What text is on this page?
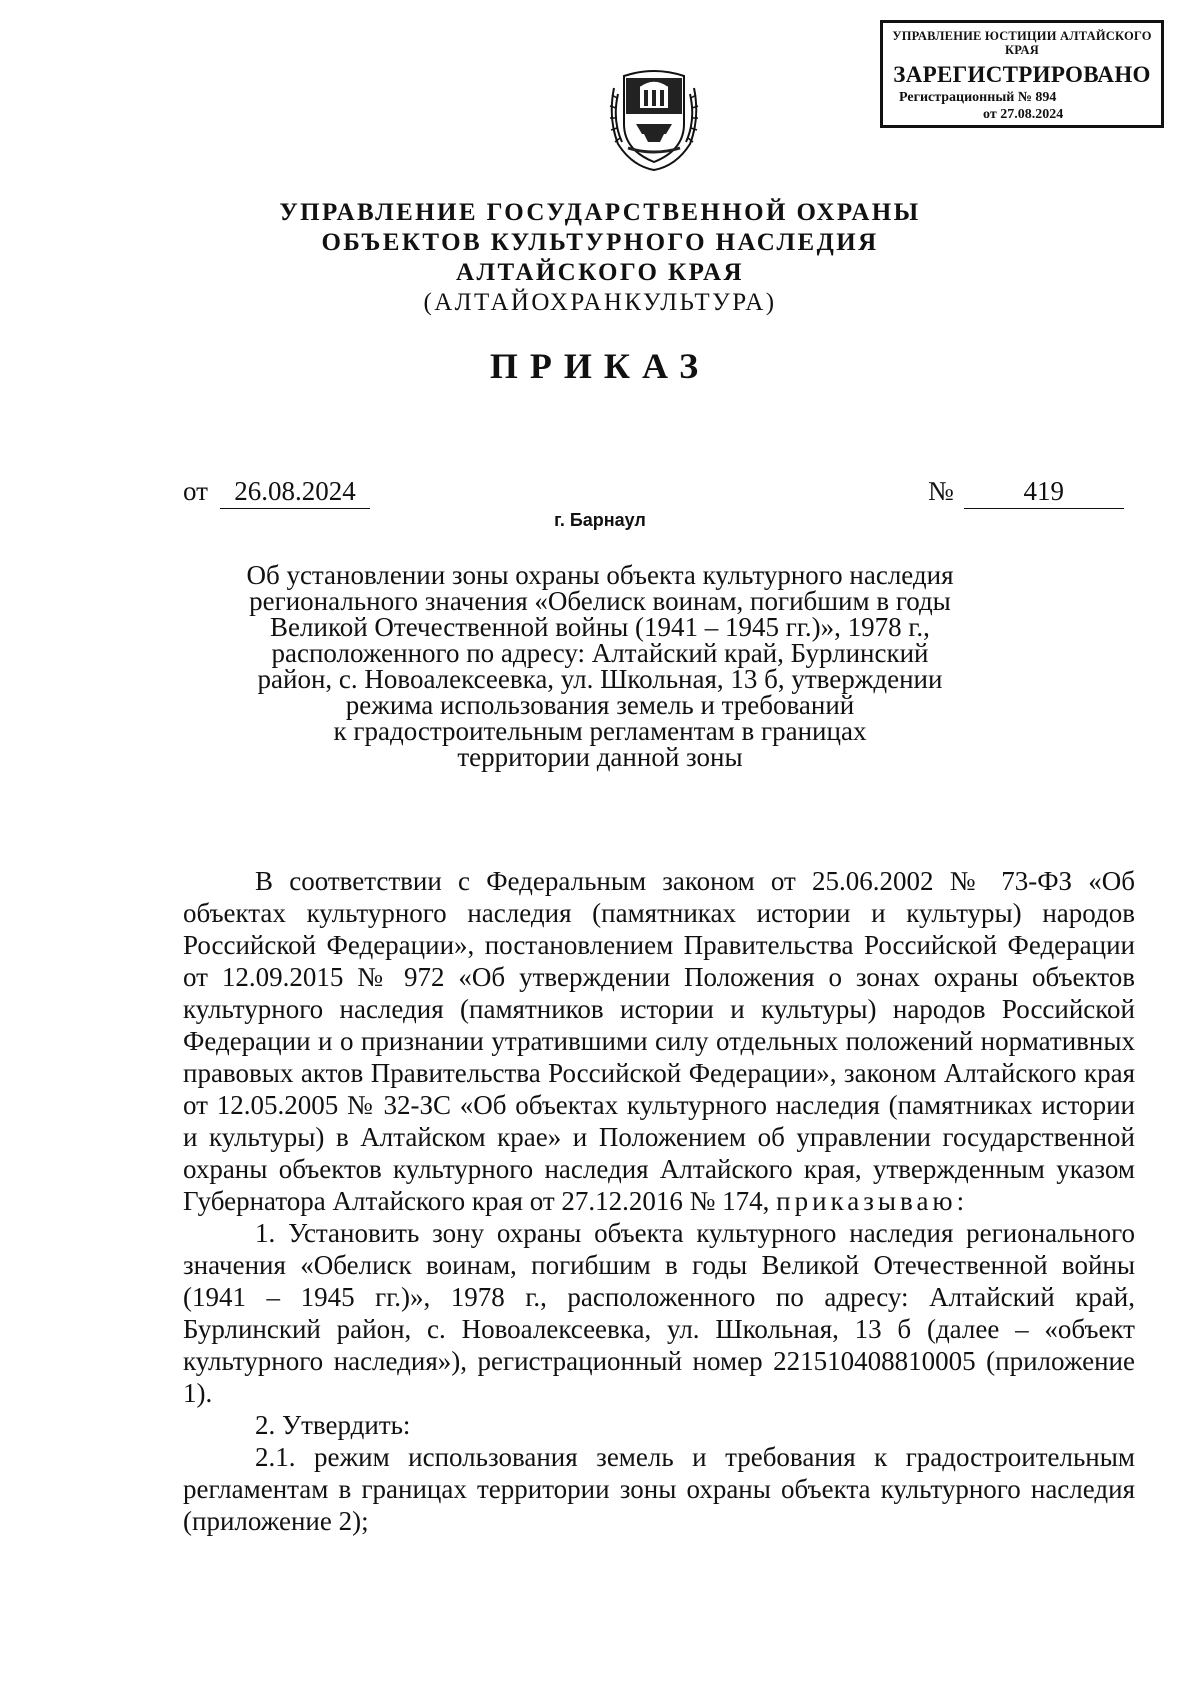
УПРАВЛЕНИЕ ЮСТИЦИИ АЛТАЙСКОГО КРАЯ
ЗАРЕГИСТРИРОВАНО
Регистрационный № 894
от 27.08.2024
УПРАВЛЕНИЕ ГОСУДАРСТВЕННОЙ ОХРАНЫ
ОБЪЕКТОВ КУЛЬТУРНОГО НАСЛЕДИЯ
АЛТАЙСКОГО КРАЯ
(АЛТАЙОХРАНКУЛЬТУРА)
ПРИКАЗ
от 26.08.2024	№	419
г. Барнаул
Об установлении зоны охраны объекта культурного наследия
регионального значения «Обелиск воинам, погибшим в годы
Великой Отечественной войны (1941 – 1945 гг.)», 1978 г.,
расположенного по адресу: Алтайский край, Бурлинский
район, с. Новоалексеевка, ул. Школьная, 13 б, утверждении
режима использования земель и требований
к градостроительным регламентам в границах
территории данной зоны

В соответствии с Федеральным законом от 25.06.2002 № 73-ФЗ «Об объектах культурного наследия (памятниках истории и культуры) народов Российской Федерации», постановлением Правительства Российской Федерации от 12.09.2015 № 972 «Об утверждении Положения о зонах охраны объектов культурного наследия (памятников истории и культуры) народов Российской Федерации и о признании утратившими силу отдельных положений нормативных правовых актов Правительства Российской Федерации», законом Алтайского края от 12.05.2005 № 32-ЗС «Об объектах культурного наследия (памятниках истории и культуры) в Алтайском крае» и Положением об управлении государственной охраны объектов культурного наследия Алтайского края, утвержденным указом Губернатора Алтайского края от 27.12.2016 № 174, приказываю:

1. Установить зону охраны объекта культурного наследия регионального значения «Обелиск воинам, погибшим в годы Великой Отечественной войны (1941 – 1945 гг.)», 1978 г., расположенного по адресу: Алтайский край, Бурлинский район, с. Новоалексеевка, ул. Школьная, 13 б (далее – «объект культурного наследия»), регистрационный номер 221510408810005 (приложение 1).

2. Утвердить:

2.1. режим использования земель и требования к градостроительным регламентам в границах территории зоны охраны объекта культурного наследия (приложение 2);
